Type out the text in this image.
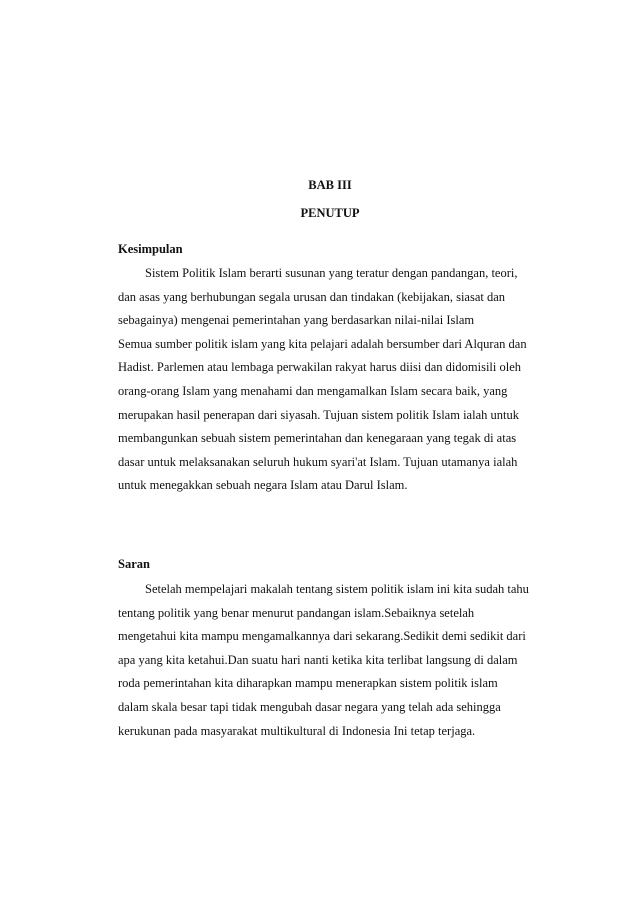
BAB III
PENUTUP
Kesimpulan
Sistem Politik Islam berarti susunan yang teratur dengan pandangan, teori,
dan asas yang berhubungan segala urusan dan tindakan (kebijakan, siasat dan
sebagainya) mengenai pemerintahan yang berdasarkan nilai-nilai Islam
Semua sumber politik islam yang kita pelajari adalah bersumber dari Alquran dan
Hadist. Parlemen atau lembaga perwakilan rakyat harus diisi dan didomisili oleh
orang-orang Islam yang menahami dan mengamalkan Islam secara baik, yang
merupakan hasil penerapan dari siyasah. Tujuan sistem politik Islam ialah untuk
membangunkan sebuah sistem pemerintahan dan kenegaraan yang tegak di atas
dasar untuk melaksanakan seluruh hukum syari'at Islam. Tujuan utamanya ialah
untuk menegakkan sebuah negara Islam atau Darul Islam.
Saran
Setelah mempelajari makalah tentang sistem politik islam ini kita sudah tahu
tentang politik yang benar menurut pandangan islam.Sebaiknya setelah
mengetahui kita mampu mengamalkannya dari sekarang.Sedikit demi sedikit dari
apa yang kita ketahui.Dan suatu hari nanti ketika kita terlibat langsung di dalam
roda pemerintahan kita diharapkan mampu menerapkan sistem politik islam
dalam skala besar tapi tidak mengubah dasar negara yang telah ada sehingga
kerukunan pada masyarakat multikultural di Indonesia Ini tetap terjaga.
